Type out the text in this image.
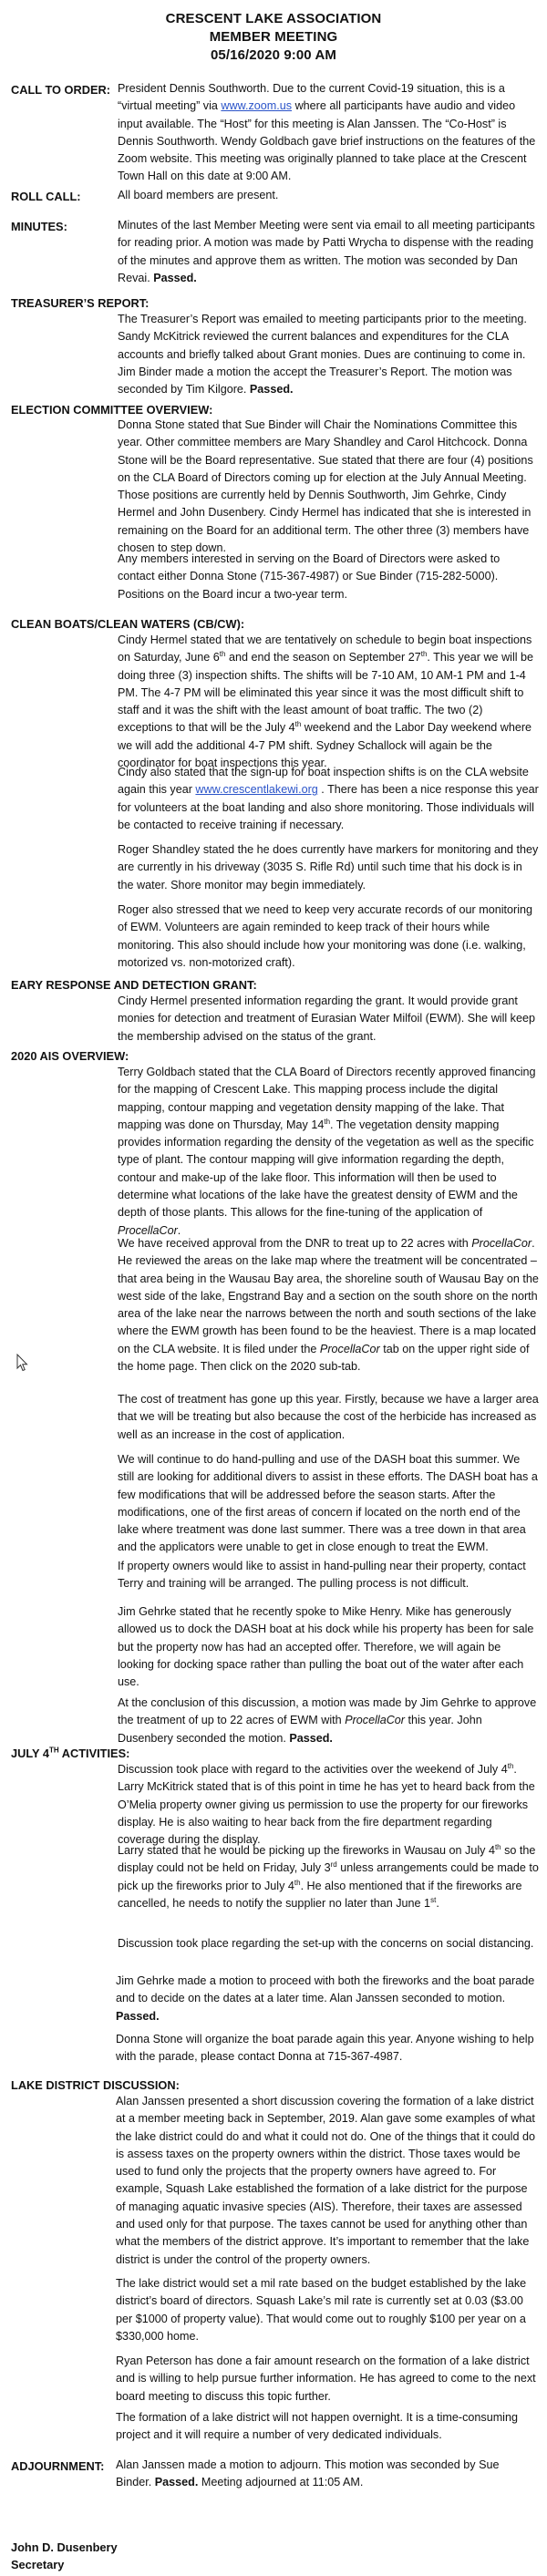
CRESCENT LAKE ASSOCIATION
MEMBER MEETING
05/16/2020 9:00 AM
CALL TO ORDER: President Dennis Southworth. Due to the current Covid-19 situation, this is a “virtual meeting” via www.zoom.us where all participants have audio and video input available. The “Host” for this meeting is Alan Janssen. The “Co-Host” is Dennis Southworth. Wendy Goldbach gave brief instructions on the features of the Zoom website. This meeting was originally planned to take place at the Crescent Town Hall on this date at 9:00 AM.

ROLL CALL:	All board members are present.
MINUTES:	Minutes of the last Member Meeting were sent via email to all meeting participants for reading prior. A motion was made by Patti Wrycha to dispense with the reading of the minutes and approve them as written. The motion was seconded by Dan Revai. Passed.

TREASURER’S REPORT:

The Treasurer’s Report was emailed to meeting participants prior to the meeting. Sandy McKitrick reviewed the current balances and expenditures for the CLA accounts and briefly talked about Grant monies. Dues are continuing to come in. Jim Binder made a motion the accept the Treasurer’s Report. The motion was seconded by Tim Kilgore. Passed.

ELECTION COMMITTEE OVERVIEW:
Donna Stone stated that Sue Binder will Chair the Nominations Committee this year. Other committee members are Mary Shandley and Carol Hitchcock. Donna Stone will be the Board representative. Sue stated that there are four (4) positions on the CLA Board of Directors coming up for election at the July Annual Meeting. Those positions are currently held by Dennis Southworth, Jim Gehrke, Cindy Hermel and John Dusenbery. Cindy Hermel has indicated that she is interested in remaining on the Board for an additional term. The other three (3) members have chosen to step down.
Any members interested in serving on the Board of Directors were asked to contact either Donna Stone (715-367-4987) or Sue Binder (715-282-5000). Positions on the Board incur a two-year term.
CLEAN BOATS/CLEAN WATERS (CB/CW):

Cindy Hermel stated that we are tentatively on schedule to begin boat inspections on Saturday, June 6th and end the season on September 27th. This year we will be doing three (3) inspection shifts. The shifts will be 7-10 AM, 10 AM-1 PM and 1-4 PM. The 4-7 PM will be eliminated this year since it was the most difficult shift to staff and it was the shift with the least amount of boat traffic. The two (2) exceptions to that will be the July 4th weekend and the Labor Day weekend where we will add the additional 4-7 PM shift. Sydney Schallock will again be the coordinator for boat inspections this year.

Cindy also stated that the sign-up for boat inspection shifts is on the CLA website again this year www.crescentlakewi.org . There has been a nice response this year for volunteers at the boat landing and also shore monitoring. Those individuals will be contacted to receive training if necessary.

Roger Shandley stated the he does currently have markers for monitoring and they are currently in his driveway (3035 S. Rifle Rd) until such time that his dock is in the water. Shore monitor may begin immediately.
Roger also stressed that we need to keep very accurate records of our monitoring of EWM. Volunteers are again reminded to keep track of their hours while monitoring. This also should include how your monitoring was done (i.e. walking, motorized vs. non-motorized craft).
EARY RESPONSE AND DETECTION GRANT:
Cindy Hermel presented information regarding the grant. It would provide grant monies for detection and treatment of Eurasian Water Milfoil (EWM). She will keep the membership advised on the status of the grant.
2020 AIS OVERVIEW:

Terry Goldbach stated that the CLA Board of Directors recently approved financing for the mapping of Crescent Lake. This mapping process include the digital mapping, contour mapping and vegetation density mapping of the lake. That mapping was done on Thursday, May 14th. The vegetation density mapping provides information regarding the density of the vegetation as well as the specific type of plant. The contour mapping will give information regarding the depth, contour and make-up of the lake floor. This information will then be used to determine what locations of the lake have the greatest density of EWM and the depth of those plants. This allows for the fine-tuning of the application of ProcellaCor.

We have received approval from the DNR to treat up to 22 acres with ProcellaCor. He reviewed the areas on the lake map where the treatment will be concentrated – that area being in the Wausau Bay area, the shoreline south of Wausau Bay on the west side of the lake, Engstrand Bay and a section on the south shore on the north area of the lake near the narrows between the north and south sections of the lake where the EWM growth has been found to be the heaviest. There is a map located on the CLA website. It is filed under the ProcellaCor tab on the upper right side of the home page. Then click on the 2020 sub-tab.

The cost of treatment has gone up this year. Firstly, because we have a larger area that we will be treating but also because the cost of the herbicide has increased as well as an increase in the cost of application.
We will continue to do hand-pulling and use of the DASH boat this summer. We still are looking for additional divers to assist in these efforts. The DASH boat has a few modifications that will be addressed before the season starts. After the modifications, one of the first areas of concern if located on the north end of the lake where treatment was done last summer. There was a tree down in that area and the applicators were unable to get in close enough to treat the EWM.
If property owners would like to assist in hand-pulling near their property, contact Terry and training will be arranged. The pulling process is not difficult.
Jim Gehrke stated that he recently spoke to Mike Henry. Mike has generously allowed us to dock the DASH boat at his dock while his property has been for sale but the property now has had an accepted offer. Therefore, we will again be looking for docking space rather than pulling the boat out of the water after each use.

At the conclusion of this discussion, a motion was made by Jim Gehrke to approve the treatment of up to 22 acres of EWM with ProcellaCor this year. John Dusenbery seconded the motion. Passed.

JULY 4TH ACTIVITIES:

Discussion took place with regard to the activities over the weekend of July 4th. Larry McKitrick stated that is of this point in time he has yet to heard back from the O’Melia property owner giving us permission to use the property for our fireworks display. He is also waiting to hear back from the fire department regarding coverage during the display.

Larry stated that he would be picking up the fireworks in Wausau on July 4th so the display could not be held on Friday, July 3rd unless arrangements could be made to pick up the fireworks prior to July 4th. He also mentioned that if the fireworks are cancelled, he needs to notify the supplier no later than June 1st.

Discussion took place regarding the set-up with the concerns on social distancing.

Jim Gehrke made a motion to proceed with both the fireworks and the boat parade and to decide on the dates at a later time. Alan Janssen seconded to motion. Passed.

Donna Stone will organize the boat parade again this year. Anyone wishing to help with the parade, please contact Donna at 715-367-4987.
LAKE DISTRICT DISCUSSION:
Alan Janssen presented a short discussion covering the formation of a lake district at a member meeting back in September, 2019. Alan gave some examples of what the lake district could do and what it could not do. One of the things that it could do is assess taxes on the property owners within the district. Those taxes would be used to fund only the projects that the property owners have agreed to. For example, Squash Lake established the formation of a lake district for the purpose of managing aquatic invasive species (AIS). Therefore, their taxes are assessed and used only for that purpose. The taxes cannot be used for anything other than what the members of the district approve. It’s important to remember that the lake district is under the control of the property owners.
The lake district would set a mil rate based on the budget established by the lake district’s board of directors. Squash Lake’s mil rate is currently set at 0.03 ($3.00 per $1000 of property value). That would come out to roughly $100 per year on a $330,000 home.
Ryan Peterson has done a fair amount research on the formation of a lake district and is willing to help pursue further information. He has agreed to come to the next board meeting to discuss this topic further.
The formation of a lake district will not happen overnight. It is a time-consuming project and it will require a number of very dedicated individuals.
ADJOURNMENT: Alan Janssen made a motion to adjourn. This motion was seconded by Sue Binder. Passed. Meeting adjourned at 11:05 AM.

John D. Dusenbery
Secretary
